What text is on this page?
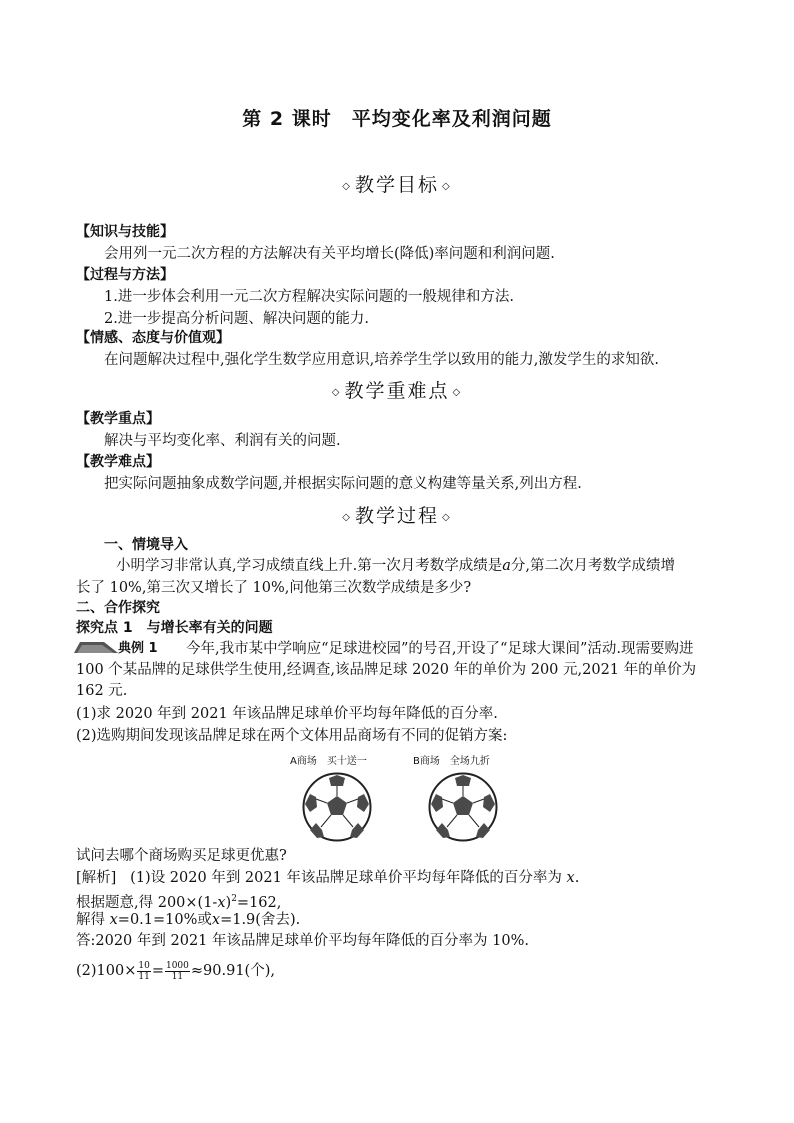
第 2 课时　平均变化率及利润问题
◇ 教学目标 ◇
【知识与技能】
会用列一元二次方程的方法解决有关平均增长(降低)率问题和利润问题.
【过程与方法】
1.进一步体会利用一元二次方程解决实际问题的一般规律和方法.
2.进一步提高分析问题、解决问题的能力.
【情感、态度与价值观】
在问题解决过程中,强化学生数学应用意识,培养学生学以致用的能力,激发学生的求知欲.
◇ 教学重难点 ◇
【教学重点】
解决与平均变化率、利润有关的问题.
【教学难点】
把实际问题抽象成数学问题,并根据实际问题的意义构建等量关系,列出方程.
◇ 教学过程 ◇
一、情境导入
小明学习非常认真,学习成绩直线上升.第一次月考数学成绩是a分,第二次月考数学成绩增
长了 10%,第三次又增长了 10%,问他第三次数学成绩是多少?
二、合作探究
探究点 1　与增长率有关的问题
典例 1 今年,我市某中学响应“足球进校园”的号召,开设了“足球大课间”活动.现需要购进
100 个某品牌的足球供学生使用,经调查,该品牌足球 2020 年的单价为 200 元,2021 年的单价为
162 元.
(1)求 2020 年到 2021 年该品牌足球单价平均每年降低的百分率.
(2)选购期间发现该品牌足球在两个文体用品商场有不同的促销方案:
A商场　买十送一	B商场　全场九折
试问去哪个商场购买足球更优惠?
[解析] (1)设 2020 年到 2021 年该品牌足球单价平均每年降低的百分率为 x.
根据题意,得 $200\times(1-x)^2=162$,
解得 x=0.1=10%或x=1.9(舍去).
答:2020 年到 2021 年该品牌足球单价平均每年降低的百分率为 10%.
$(2)100\times \frac{10}{11} = \frac{1000}{11} \approx 90.91$(个),
